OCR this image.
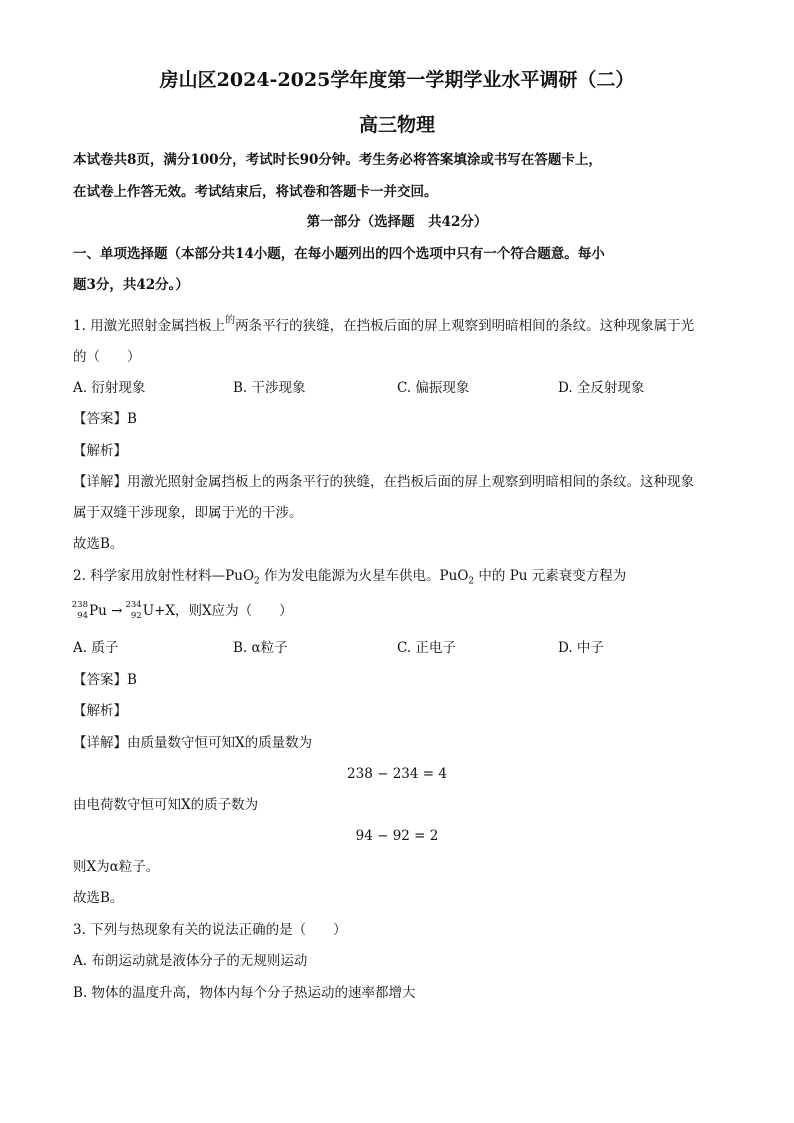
房山区2024-2025学年度第一学期学业水平调研（二）
高三物理
本试卷共8页，满分100分，考试时长90分钟。考生务必将答案填涂或书写在答题卡上，
在试卷上作答无效。考试结束后，将试卷和答题卡一并交回。
第一部分（选择题　共42分）
一、单项选择题（本部分共14小题，在每小题列出的四个选项中只有一个符合题意。每小
题3分，共42分。）
1. 用激光照射金属挡板上$^的$两条平行的狭缝，在挡板后面的屏上观察到明暗相间的条纹。这种现象属于光
的（　　）
A. 衍射现象	B. 干涉现象	C. 偏振现象	D. 全反射现象
【答案】B
【解析】
【详解】用激光照射金属挡板上的两条平行的狭缝，在挡板后面的屏上观察到明暗相间的条纹。这种现象
属于双缝干涉现象，即属于光的干涉。
故选B。
2. 科学家用放射性材料—PuO$_2$ 作为发电能源为火星车供电。PuO$_2$ 中的 Pu 元素衰变方程为
238
94 Pu → 234
92 U+X，则X应为（　　）
A. 质子	B. α粒子	C. 正电子	D. 中子
【答案】B
【解析】
【详解】由质量数守恒可知X的质量数为
238 − 234 = 4
由电荷数守恒可知X的质子数为
94 − 92 = 2
则X为α粒子。
故选B。
3. 下列与热现象有关的说法正确的是（　　）
A. 布朗运动就是液体分子的无规则运动
B. 物体的温度升高，物体内每个分子热运动的速率都增大
